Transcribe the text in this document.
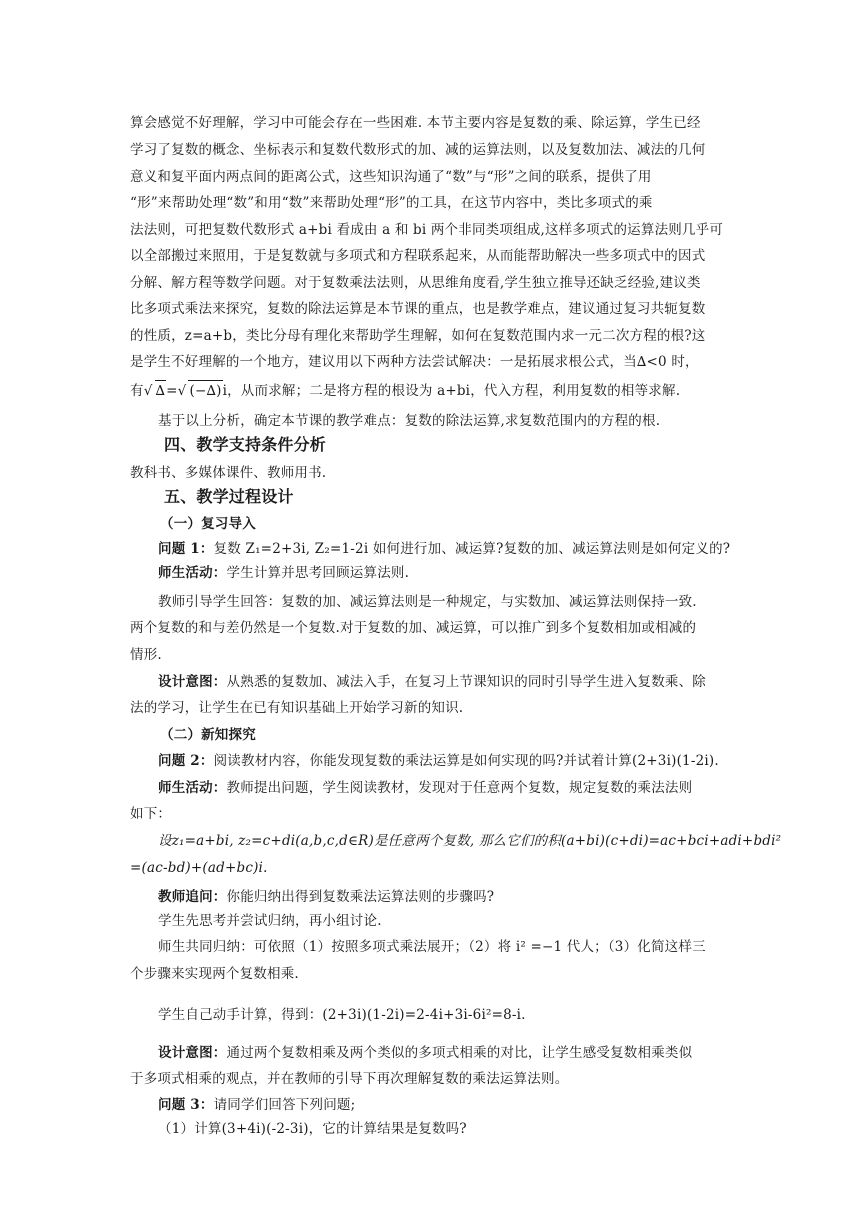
算会感觉不好理解，学习中可能会存在一些困难. 本节主要内容是复数的乘、除运算，学生已经
学习了复数的概念、坐标表示和复数代数形式的加、减的运算法则，以及复数加法、减法的几何
意义和复平面内两点间的距离公式，这些知识沟通了“数”与“形”之间的联系，提供了用
“形”来帮助处理“数”和用“数”来帮助处理“形”的工具，在这节内容中，类比多项式的乘
法法则，可把复数代数形式 a+bi 看成由 a 和 bi 两个非同类项组成,这样多项式的运算法则几乎可
以全部搬过来照用，于是复数就与多项式和方程联系起来，从而能帮助解决一些多项式中的因式
分解、解方程等数学问题。对于复数乘法法则，从思维角度看,学生独立推导还缺乏经验,建议类
比多项式乘法来探究，复数的除法运算是本节课的重点，也是教学难点，建议通过复习共轭复数
的性质，z=a+b，类比分母有理化来帮助学生理解，如何在复数范围内求一元二次方程的根?这
是学生不好理解的一个地方，建议用以下两种方法尝试解决：一是拓展求根公式，当∆<0 时，
有√ ∆=√ (−∆)i，从而求解；二是将方程的根设为 a+bi，代入方程，利用复数的相等求解.
基于以上分析，确定本节课的教学难点：复数的除法运算,求复数范围内的方程的根.
四、教学支持条件分析
教科书、多媒体课件、教师用书.
五、教学过程设计
（一）复习导入
问题 1：复数 Z₁=2+3i, Z₂=1-2i 如何进行加、减运算?复数的加、减运算法则是如何定义的?
师生活动：学生计算并思考回顾运算法则.
教师引导学生回答：复数的加、减运算法则是一种规定，与实数加、减运算法则保持一致.
两个复数的和与差仍然是一个复数.对于复数的加、减运算，可以推广到多个复数相加或相减的
情形.
设计意图：从熟悉的复数加、减法入手，在复习上节课知识的同时引导学生进入复数乘、除
法的学习，让学生在已有知识基础上开始学习新的知识.
（二）新知探究
问题 2：阅读教材内容，你能发现复数的乘法运算是如何实现的吗?并试着计算(2+3i)(1-2i).
师生活动：教师提出问题，学生阅读教材，发现对于任意两个复数，规定复数的乘法法则
如下：
设z₁=a+bi, z₂=c+di(a,b,c,d∈R)是任意两个复数, 那么它们的积(a+bi)(c+di)=ac+bci+adi+bdi²
=(ac-bd)+(ad+bc)i.
教师追问：你能归纳出得到复数乘法运算法则的步骤吗?
学生先思考并尝试归纳，再小组讨论.
师生共同归纳：可依照（1）按照多项式乘法展开；（2）将 i² =−1 代人；（3）化简这样三
个步骤来实现两个复数相乘.
学生自己动手计算，得到：(2+3i)(1-2i)=2-4i+3i-6i²=8-i.
设计意图：通过两个复数相乘及两个类似的多项式相乘的对比，让学生感受复数相乘类似
于多项式相乘的观点，并在教师的引导下再次理解复数的乘法运算法则。
问题 3：请同学们回答下列问题;
（1）计算(3+4i)(-2-3i)，它的计算结果是复数吗?
